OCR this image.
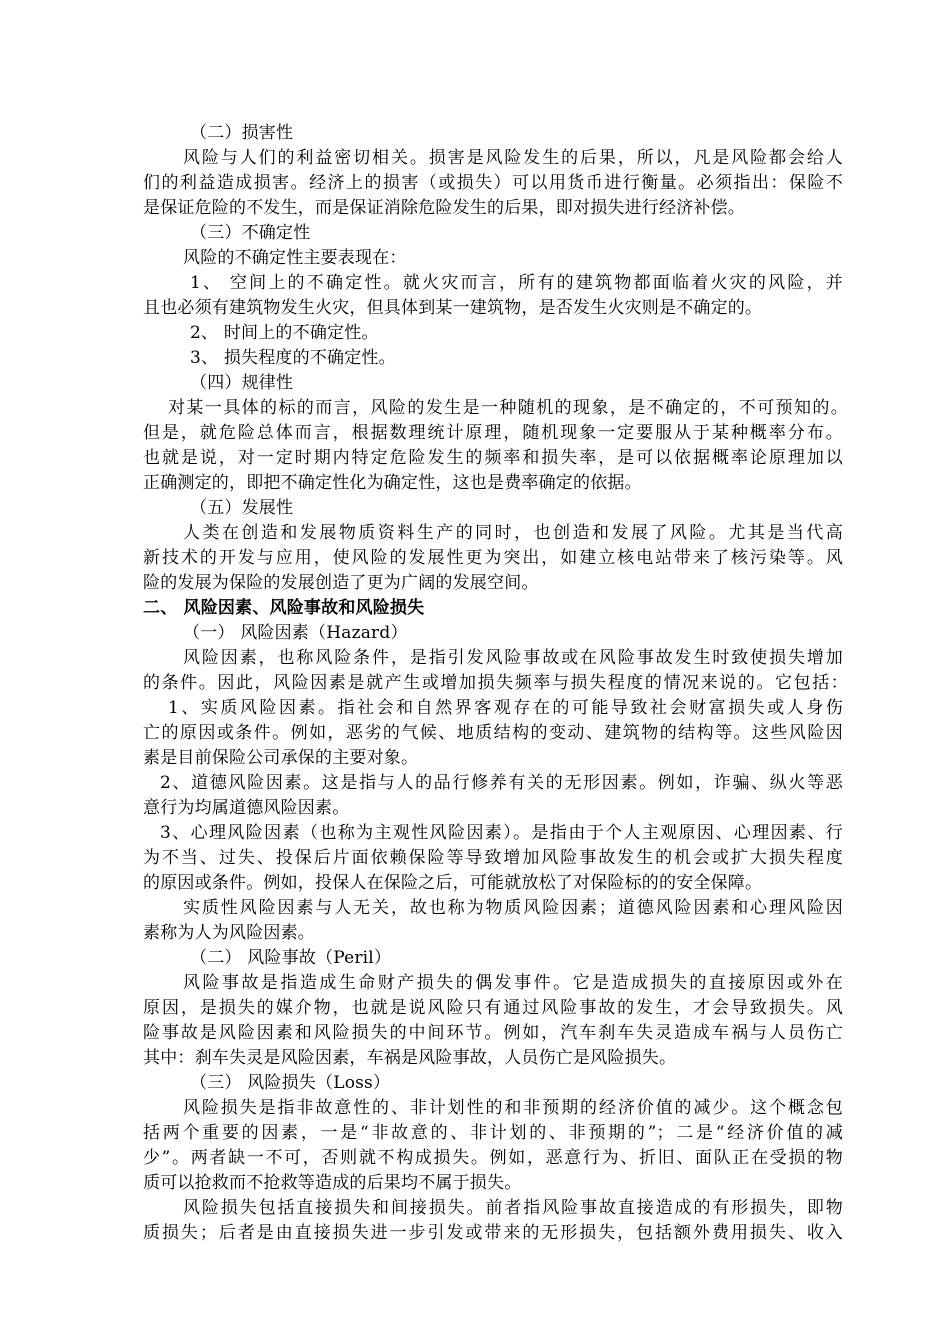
（二）损害性
风险与人们的利益密切相关。损害是风险发生的后果，所以，凡是风险都会给人
们的利益造成损害。经济上的损害（或损失）可以用货币进行衡量。必须指出：保险不
是保证危险的不发生，而是保证消除危险发生的后果，即对损失进行经济补偿。
（三）不确定性
风险的不确定性主要表现在：
1、 空间上的不确定性。就火灾而言，所有的建筑物都面临着火灾的风险，并
且也必须有建筑物发生火灾，但具体到某一建筑物，是否发生火灾则是不确定的。
2、 时间上的不确定性。
3、 损失程度的不确定性。
（四）规律性
对某一具体的标的而言，风险的发生是一种随机的现象，是不确定的，不可预知的。
但是，就危险总体而言，根据数理统计原理，随机现象一定要服从于某种概率分布。
也就是说，对一定时期内特定危险发生的频率和损失率，是可以依据概率论原理加以
正确测定的，即把不确定性化为确定性，这也是费率确定的依据。
（五）发展性
人类在创造和发展物质资料生产的同时，也创造和发展了风险。尤其是当代高
新技术的开发与应用，使风险的发展性更为突出，如建立核电站带来了核污染等。风
险的发展为保险的发展创造了更为广阔的发展空间。
二、 风险因素、风险事故和风险损失
（一） 风险因素（Hazard）
风险因素，也称风险条件，是指引发风险事故或在风险事故发生时致使损失增加
的条件。因此，风险因素是就产生或增加损失频率与损失程度的情况来说的。它包括：
1、实质风险因素。指社会和自然界客观存在的可能导致社会财富损失或人身伤
亡的原因或条件。例如，恶劣的气候、地质结构的变动、建筑物的结构等。这些风险因
素是目前保险公司承保的主要对象。
2、道德风险因素。这是指与人的品行修养有关的无形因素。例如，诈骗、纵火等恶
意行为均属道德风险因素。
3、心理风险因素（也称为主观性风险因素）。是指由于个人主观原因、心理因素、行
为不当、过失、投保后片面依赖保险等导致增加风险事故发生的机会或扩大损失程度
的原因或条件。例如，投保人在保险之后，可能就放松了对保险标的的安全保障。
实质性风险因素与人无关，故也称为物质风险因素；道德风险因素和心理风险因
素称为人为风险因素。
（二） 风险事故（Peril）
风险事故是指造成生命财产损失的偶发事件。它是造成损失的直接原因或外在
原因，是损失的媒介物，也就是说风险只有通过风险事故的发生，才会导致损失。风
险事故是风险因素和风险损失的中间环节。例如，汽车刹车失灵造成车祸与人员伤亡
其中：刹车失灵是风险因素，车祸是风险事故，人员伤亡是风险损失。
（三） 风险损失（Loss）
风险损失是指非故意性的、非计划性的和非预期的经济价值的减少。这个概念包
括两个重要的因素，一是“非故意的、非计划的、非预期的”；二是“经济价值的减
少”。两者缺一不可，否则就不构成损失。例如，恶意行为、折旧、面队正在受损的物
质可以抢救而不抢救等造成的后果均不属于损失。
风险损失包括直接损失和间接损失。前者指风险事故直接造成的有形损失，即物
质损失；后者是由直接损失进一步引发或带来的无形损失，包括额外费用损失、收入
